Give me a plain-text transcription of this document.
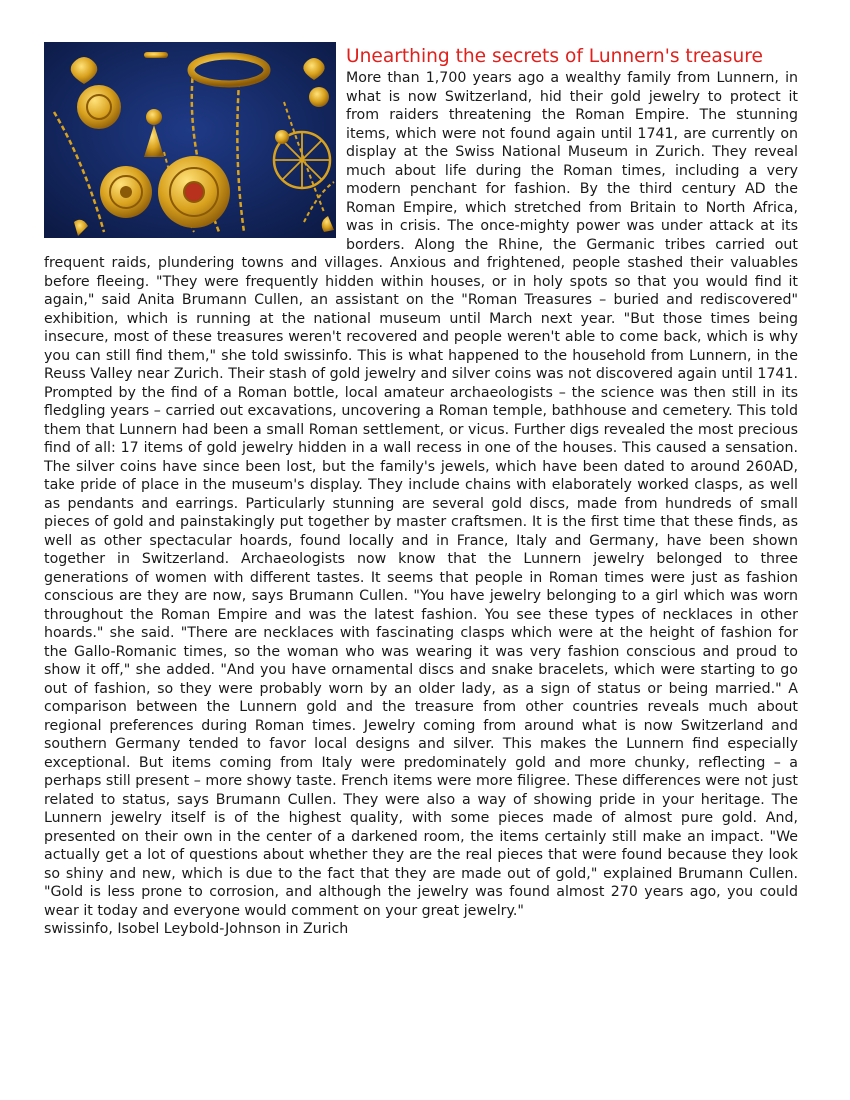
Unearthing the secrets of Lunnern's treasure
More than 1,700 years ago a wealthy family from Lunnern, in what is now Switzerland, hid their gold jewelry to protect it from raiders threatening the Roman Empire. The stunning items, which were not found again until 1741, are currently on display at the Swiss National Museum in Zurich. They reveal much about life during the Roman times, including a very modern penchant for fashion. By the third century AD the Roman Empire, which stretched from Britain to North Africa, was in crisis. The once-mighty power was under attack at its borders. Along the Rhine, the Germanic tribes carried out frequent raids, plundering towns and villages. Anxious and frightened, people stashed their valuables before fleeing. "They were frequently hidden within houses, or in holy spots so that you would find it again," said Anita Brumann Cullen, an assistant on the "Roman Treasures – buried and rediscovered" exhibition, which is running at the national museum until March next year. "But those times being insecure, most of these treasures weren't recovered and people weren't able to come back, which is why you can still find them," she told swissinfo. This is what happened to the household from Lunnern, in the Reuss Valley near Zurich. Their stash of gold jewelry and silver coins was not discovered again until 1741. Prompted by the find of a Roman bottle, local amateur archaeologists – the science was then still in its fledgling years – carried out excavations, uncovering a Roman temple, bathhouse and cemetery. This told them that Lunnern had been a small Roman settlement, or vicus. Further digs revealed the most precious find of all: 17 items of gold jewelry hidden in a wall recess in one of the houses. This caused a sensation. The silver coins have since been lost, but the family's jewels, which have been dated to around 260AD, take pride of place in the museum's display. They include chains with elaborately worked clasps, as well as pendants and earrings. Particularly stunning are several gold discs, made from hundreds of small pieces of gold and painstakingly put together by master craftsmen. It is the first time that these finds, as well as other spectacular hoards, found locally and in France, Italy and Germany, have been shown together in Switzerland. Archaeologists now know that the Lunnern jewelry belonged to three generations of women with different tastes. It seems that people in Roman times were just as fashion conscious are they are now, says Brumann Cullen. "You have jewelry belonging to a girl which was worn throughout the Roman Empire and was the latest fashion. You see these types of necklaces in other hoards." she said. "There are necklaces with fascinating clasps which were at the height of fashion for the Gallo-Romanic times, so the woman who was wearing it was very fashion conscious and proud to show it off," she added. "And you have ornamental discs and snake bracelets, which were starting to go out of fashion, so they were probably worn by an older lady, as a sign of status or being married." A comparison between the Lunnern gold and the treasure from other countries reveals much about regional preferences during Roman times. Jewelry coming from around what is now Switzerland and southern Germany tended to favor local designs and silver. This makes the Lunnern find especially exceptional. But items coming from Italy were predominately gold and more chunky, reflecting – a perhaps still present – more showy taste. French items were more filigree. These differences were not just related to status, says Brumann Cullen. They were also a way of showing pride in your heritage. The Lunnern jewelry itself is of the highest quality, with some pieces made of almost pure gold. And, presented on their own in the center of a darkened room, the items certainly still make an impact. "We actually get a lot of questions about whether they are the real pieces that were found because they look so shiny and new, which is due to the fact that they are made out of gold," explained Brumann Cullen. "Gold is less prone to corrosion, and although the jewelry was found almost 270 years ago, you could wear it today and everyone would comment on your great jewelry."
swissinfo, Isobel Leybold-Johnson in Zurich
